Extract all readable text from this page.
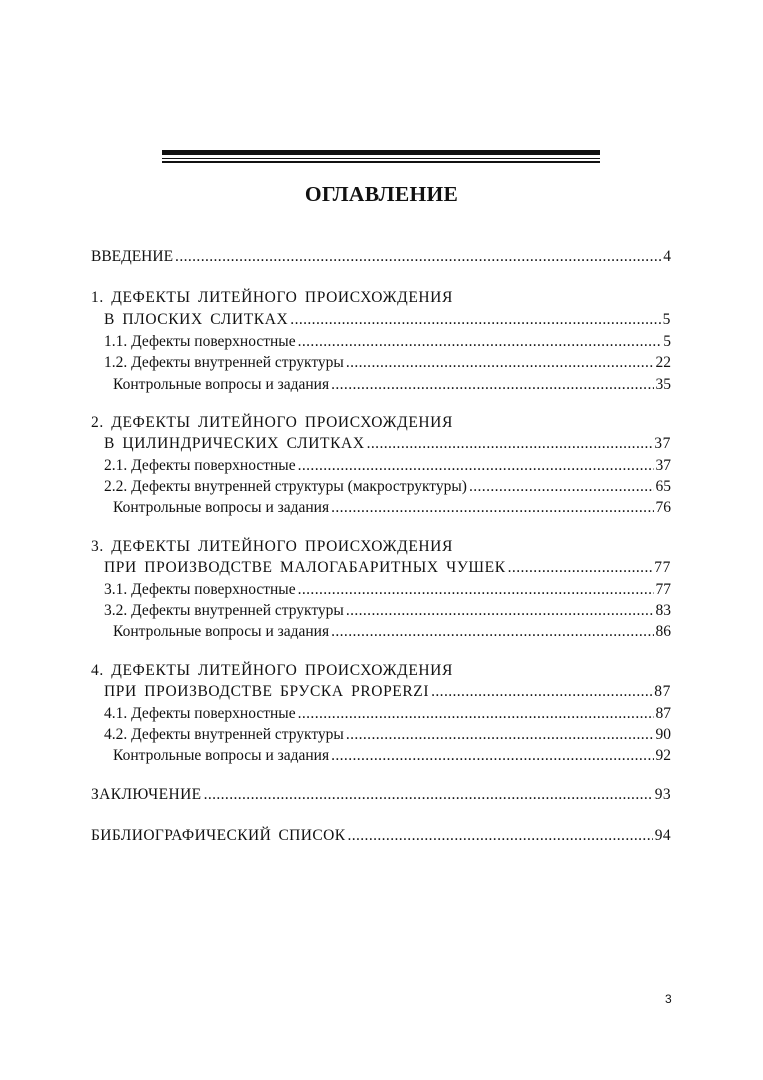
ОГЛАВЛЕНИЕ
ВВЕДЕНИЕ .....	4
1. ДЕФЕКТЫ ЛИТЕЙНОГО ПРОИСХОЖДЕНИЯ
В ПЛОСКИХ СЛИТКАХ .....	5
1.1. Дефекты поверхностные .....	5
1.2. Дефекты внутренней структуры .....	22
Контрольные вопросы и задания .....	35
2. ДЕФЕКТЫ ЛИТЕЙНОГО ПРОИСХОЖДЕНИЯ
В ЦИЛИНДРИЧЕСКИХ СЛИТКАХ .....	37
2.1. Дефекты поверхностные .....	37
2.2. Дефекты внутренней структуры (макроструктуры) .....	65
Контрольные вопросы и задания .....	76
3. ДЕФЕКТЫ ЛИТЕЙНОГО ПРОИСХОЖДЕНИЯ
ПРИ ПРОИЗВОДСТВЕ МАЛОГАБАРИТНЫХ ЧУШЕК .....	77
3.1. Дефекты поверхностные .....	77
3.2. Дефекты внутренней структуры .....	83
Контрольные вопросы и задания .....	86
4. ДЕФЕКТЫ ЛИТЕЙНОГО ПРОИСХОЖДЕНИЯ
ПРИ ПРОИЗВОДСТВЕ БРУСКА PROPERZI .....	87
4.1. Дефекты поверхностные .....	87
4.2. Дефекты внутренней структуры .....	90
Контрольные вопросы и задания .....	92
ЗАКЛЮЧЕНИЕ .....	93
БИБЛИОГРАФИЧЕСКИЙ СПИСОК .....	94
3
